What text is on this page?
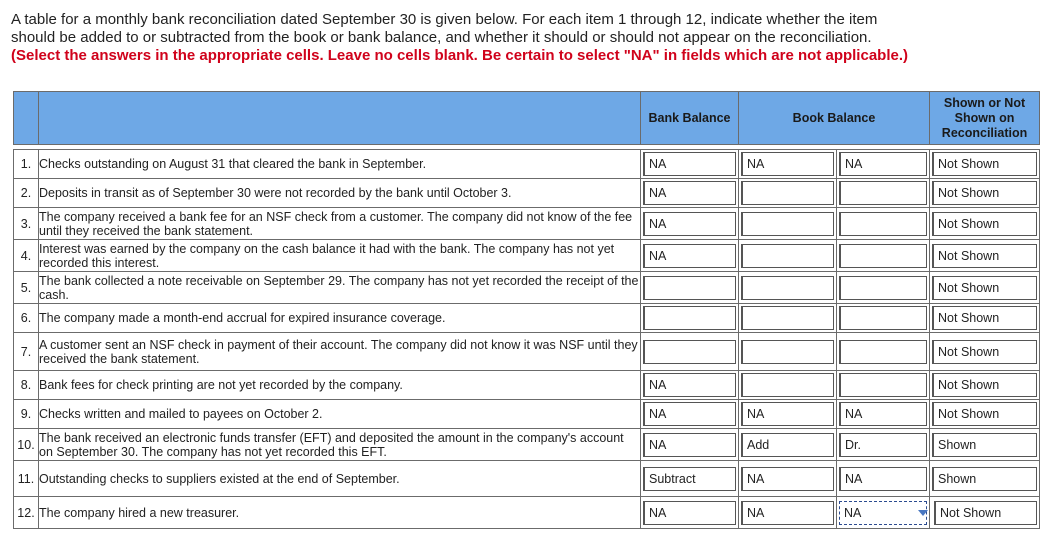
A table for a monthly bank reconciliation dated September 30 is given below. For each item 1 through 12, indicate whether the item

should be added to or subtracted from the book or bank balance, and whether it should or should not appear on the reconciliation.

(Select the answers in the appropriate cells. Leave no cells blank. Be certain to select "NA" in fields which are not applicable.)

		Bank Balance	Book Balance		Shown or Not Shown on Reconciliation

1.	Checks outstanding on August 31 that cleared the bank in September.	NA	NA	NA	Not Shown

2.	Deposits in transit as of September 30 were not recorded by the bank until October 3.	NA			Not Shown

3.	The company received a bank fee for an NSF check from a customer. The company did not know of the fee until they received the bank statement.	NA			Not Shown

4.	Interest was earned by the company on the cash balance it had with the bank. The company has not yet recorded this interest.	NA			Not Shown

5.	The bank collected a note receivable on September 29. The company has not yet recorded the receipt of the cash.				Not Shown

6.	The company made a month-end accrual for expired insurance coverage.				Not Shown

7.	A customer sent an NSF check in payment of their account. The company did not know it was NSF until they received the bank statement.				Not Shown

8.	Bank fees for check printing are not yet recorded by the company.	NA			Not Shown

9.	Checks written and mailed to payees on October 2.	NA	NA	NA	Not Shown

10.	The bank received an electronic funds transfer (EFT) and deposited the amount in the company's account on September 30. The company has not yet recorded this EFT.	NA	Add	Dr.	Shown

11.	Outstanding checks to suppliers existed at the end of September.	Subtract	NA	NA	Shown

12.	The company hired a new treasurer.	NA	NA	NA	Not Shown
